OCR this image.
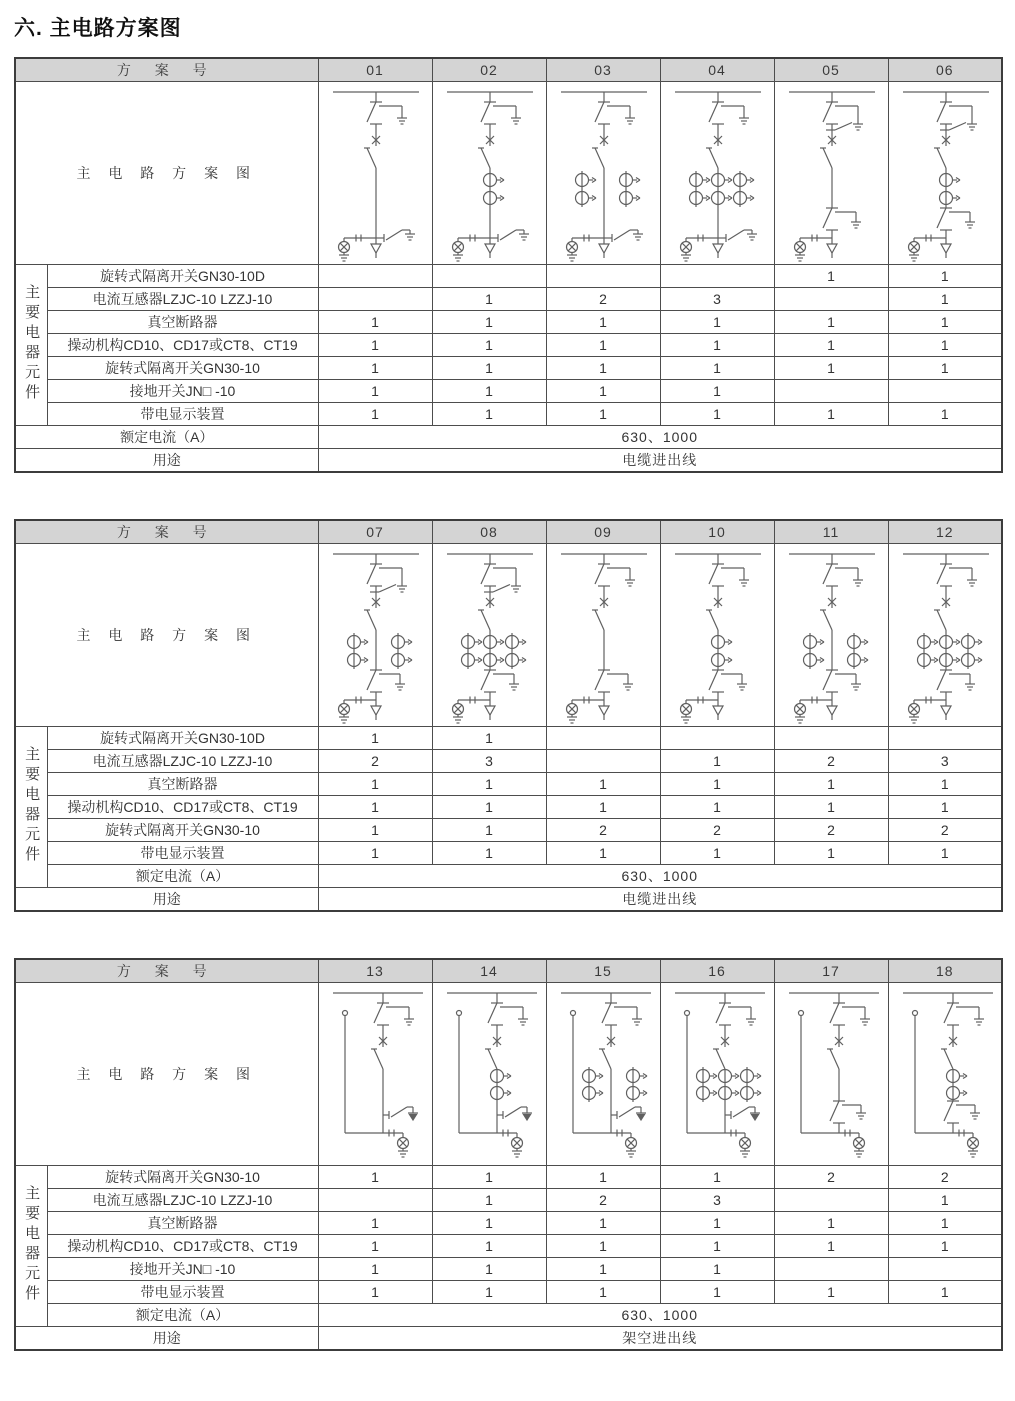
六. 主电路方案图
方 案 号		01	02	03	04	05	06
主 电 路 方 案 图	

主要电器元件	旋转式隔离开关GN30-10D					1	1
	电流互感器LZJC-10 LZZJ-10		1	2	3		1
	真空断路器	1	1	1	1	1	1
	操动机构CD10、CD17或CT8、CT19	1	1	1	1	1	1
	旋转式隔离开关GN30-10	1	1	1	1	1	1
	接地开关JN□ -10	1	1	1	1		
	带电显示装置	1	1	1	1	1	1
额定电流（A）		630、1000					
用途		电缆进出线					
方 案 号		07	08	09	10	11	12
主 电 路 方 案 图	

主要电器元件	旋转式隔离开关GN30-10D	1	1				
	电流互感器LZJC-10 LZZJ-10	2	3		1	2	3
	真空断路器	1	1	1	1	1	1
	操动机构CD10、CD17或CT8、CT19	1	1	1	1	1	1
	旋转式隔离开关GN30-10	1	1	2	2	2	2
	带电显示装置	1	1	1	1	1	1
	额定电流（A）	630、1000					
用途		电缆进出线					
方 案 号		13	14	15	16	17	18
主 电 路 方 案 图	

主要电器元件	旋转式隔离开关GN30-10	1	1	1	1	2	2
	电流互感器LZJC-10 LZZJ-10		1	2	3		1
	真空断路器	1	1	1	1	1	1
	操动机构CD10、CD17或CT8、CT19	1	1	1	1	1	1
	接地开关JN□ -10	1	1	1	1		
	带电显示装置	1	1	1	1	1	1
	额定电流（A）	630、1000					
用途		架空进出线					
